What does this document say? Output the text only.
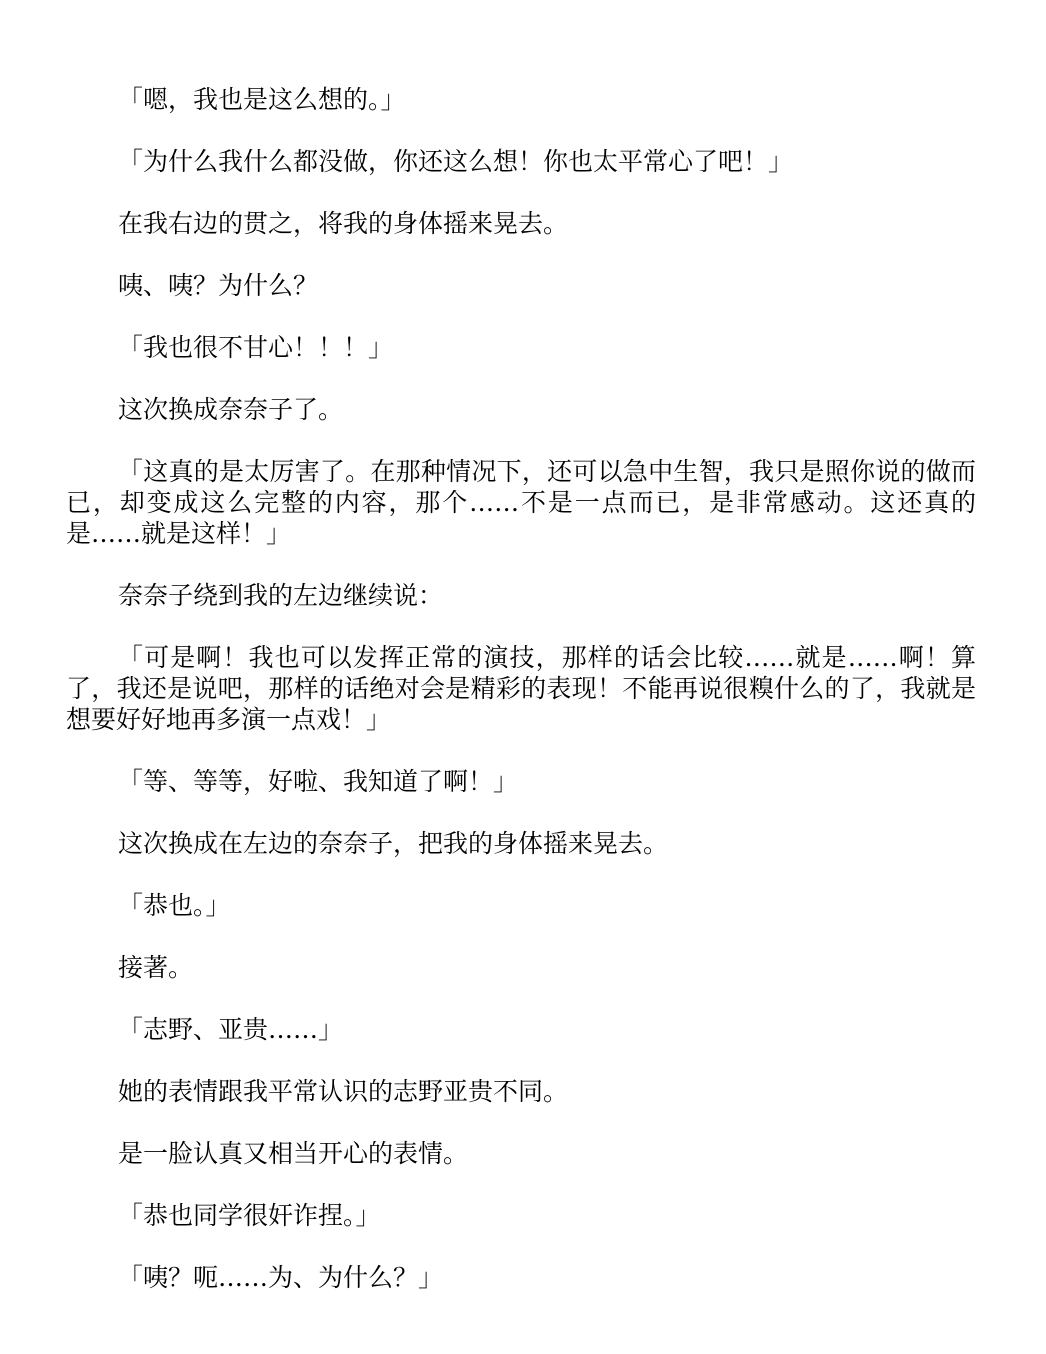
「嗯，我也是这么想的。」

「为什么我什么都没做，你还这么想！你也太平常心了吧！」

在我右边的贯之，将我的身体摇来晃去。

咦、咦？为什么？

「我也很不甘心！！！」

这次换成奈奈子了。

「这真的是太厉害了。在那种情况下，还可以急中生智，我只是照你说的做而已，却变成这么完整的内容，那个……不是一点而已，是非常感动。这还真的是……就是这样！」

奈奈子绕到我的左边继续说：

「可是啊！我也可以发挥正常的演技，那样的话会比较……就是……啊！算了，我还是说吧，那样的话绝对会是精彩的表现！不能再说很糗什么的了，我就是想要好好地再多演一点戏！」

「等、等等，好啦、我知道了啊！」

这次换成在左边的奈奈子，把我的身体摇来晃去。

「恭也。」

接著。

「志野、亚贵……」

她的表情跟我平常认识的志野亚贵不同。

是一脸认真又相当开心的表情。

「恭也同学很奸诈捏。」

「咦？呃……为、为什么？」
